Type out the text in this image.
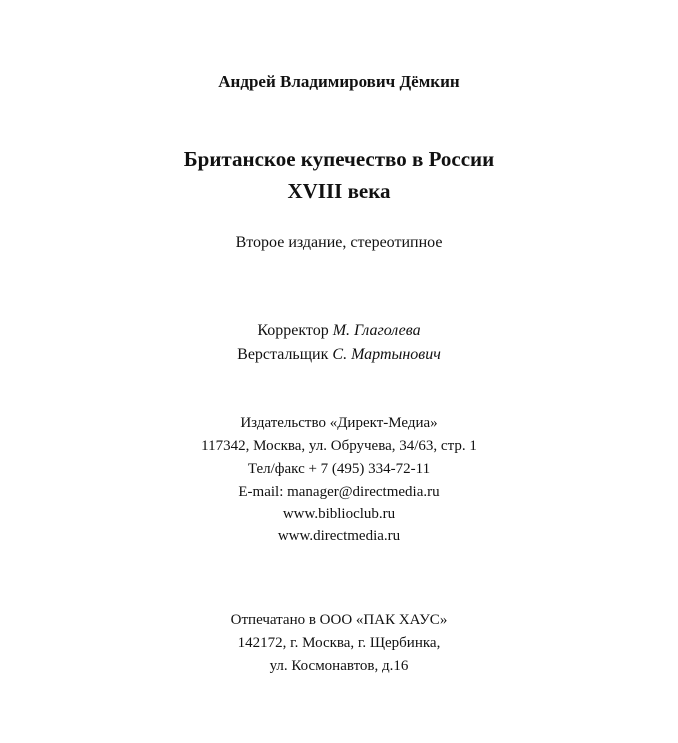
Андрей Владимирович Дёмкин
Британское купечество в России
XVIII века
Второе издание, стереотипное
Корректор М. Глаголева
Верстальщик С. Мартынович
Издательство «Директ-Медиа»
117342, Москва, ул. Обручева, 34/63, стр. 1
Тел/факс + 7 (495) 334-72-11
E-mail: manager@directmedia.ru
www.biblioclub.ru
www.directmedia.ru
Отпечатано в ООО «ПАК ХАУС»
142172, г. Москва, г. Щербинка,
ул. Космонавтов, д.16
